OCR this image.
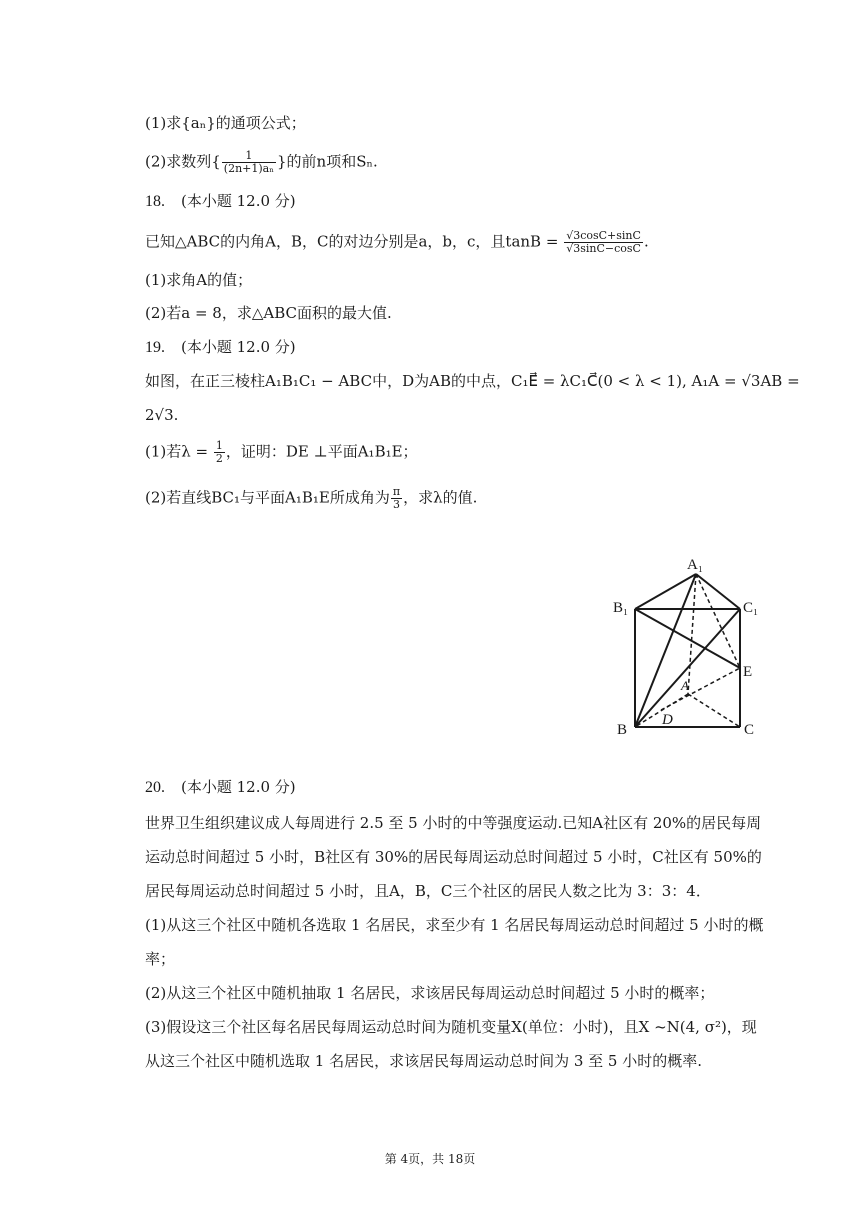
(1)求{aₙ}的通项公式；
(2)求数列{ $\frac{1}{\text{(2n+1)aₙ}}$ }的前n项和Sₙ.
18. (本小题 12.0 分)
已知△ABC的内角A，B，C的对边分别是a，b，c，且$\tan B = \frac{√3\cos C+\sin C}{√3\sin C-\cos C}$ .
(1)求角A的值；
(2)若a = 8，求△ABC面积的最大值.
19. (本小题 12.0 分)
如图，在正三棱柱A₁B₁C₁ − ABC中，D为AB的中点，C₁E⃗ = λC₁C⃗(0 < λ < 1), A₁A = √3AB =
2√3.
(1)若$\lambda = \frac{1}{2}$ ，证明：DE ⊥平面A₁B₁E；
(2)若直线BC₁与平面A₁B₁E所成角为 $\frac{\pi}{3}$ ，求λ的值.
A₁
B₁	C₁
E
A
D
B	C
20. (本小题 12.0 分)
世界卫生组织建议成人每周进行 2.5 至 5 小时的中等强度运动.已知A社区有 20%的居民每周
运动总时间超过 5 小时，B社区有 30%的居民每周运动总时间超过 5 小时，C社区有 50%的
居民每周运动总时间超过 5 小时，且A，B，C三个社区的居民人数之比为 3：3：4．
(1)从这三个社区中随机各选取 1 名居民，求至少有 1 名居民每周运动总时间超过 5 小时的概
率；
(2)从这三个社区中随机抽取 1 名居民，求该居民每周运动总时间超过 5 小时的概率；
(3)假设这三个社区每名居民每周运动总时间为随机变量X(单位：小时)，且X ~N(4, σ²)，现
从这三个社区中随机选取 1 名居民，求该居民每周运动总时间为 3 至 5 小时的概率.
第 4页，共 18页
